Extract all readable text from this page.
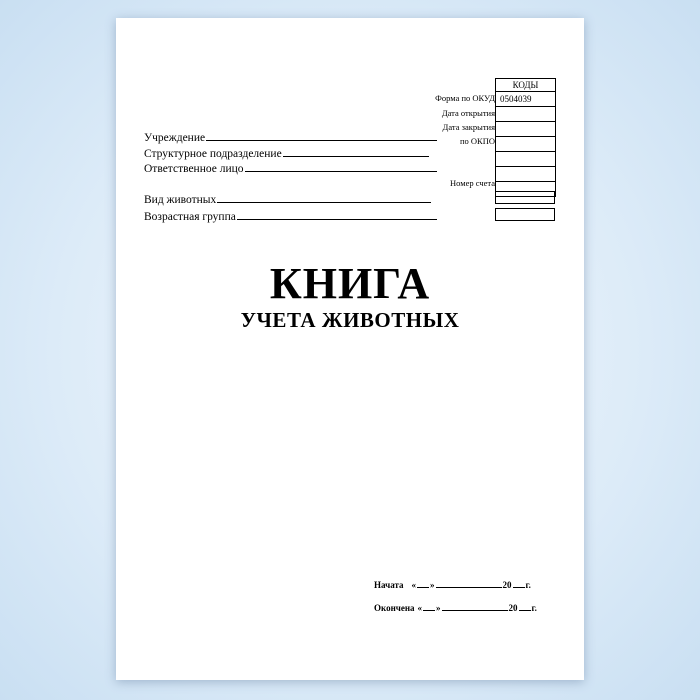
КОДЫ
0504039
Форма по ОКУД
Дата открытия
Дата закрытия
по ОКПО
Номер счета
Учреждение
Структурное подразделение
Ответственное лицо
Вид животных
Возрастная группа
КНИГА
УЧЕТА ЖИВОТНЫХ
Начата « »	20 г.
Окончена « »	20 г.
